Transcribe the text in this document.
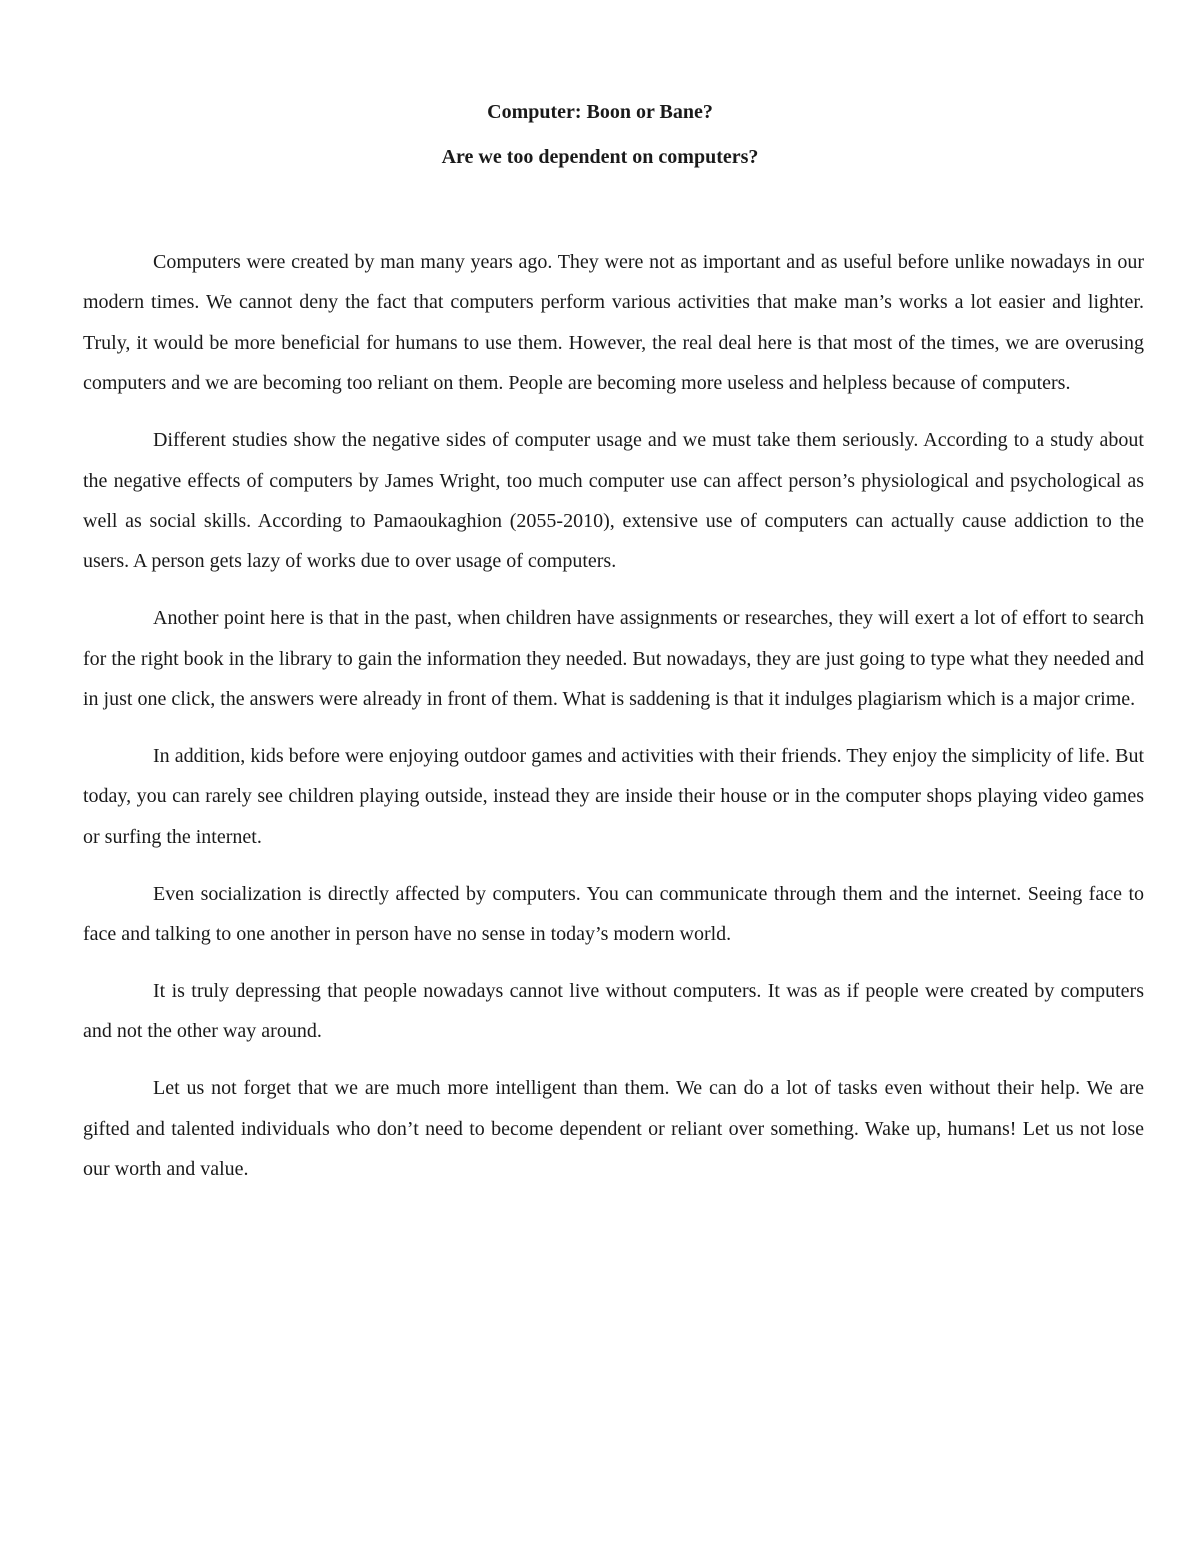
Computer: Boon or Bane?
Are we too dependent on computers?

Computers were created by man many years ago. They were not as important and as useful before unlike nowadays in our modern times. We cannot deny the fact that computers perform various activities that make man’s works a lot easier and lighter. Truly, it would be more beneficial for humans to use them. However, the real deal here is that most of the times, we are overusing computers and we are becoming too reliant on them. People are becoming more useless and helpless because of computers.

Different studies show the negative sides of computer usage and we must take them seriously. According to a study about the negative effects of computers by James Wright, too much computer use can affect person’s physiological and psychological as well as social skills. According to Pamaoukaghion (2055-2010), extensive use of computers can actually cause addiction to the users. A person gets lazy of works due to over usage of computers.

Another point here is that in the past, when children have assignments or researches, they will exert a lot of effort to search for the right book in the library to gain the information they needed. But nowadays, they are just going to type what they needed and in just one click, the answers were already in front of them. What is saddening is that it indulges plagiarism which is a major crime.

In addition, kids before were enjoying outdoor games and activities with their friends. They enjoy the simplicity of life. But today, you can rarely see children playing outside, instead they are inside their house or in the computer shops playing video games or surfing the internet.

Even socialization is directly affected by computers. You can communicate through them and the internet. Seeing face to face and talking to one another in person have no sense in today’s modern world.

It is truly depressing that people nowadays cannot live without computers. It was as if people were created by computers and not the other way around.

Let us not forget that we are much more intelligent than them. We can do a lot of tasks even without their help. We are gifted and talented individuals who don’t need to become dependent or reliant over something. Wake up, humans! Let us not lose our worth and value.
